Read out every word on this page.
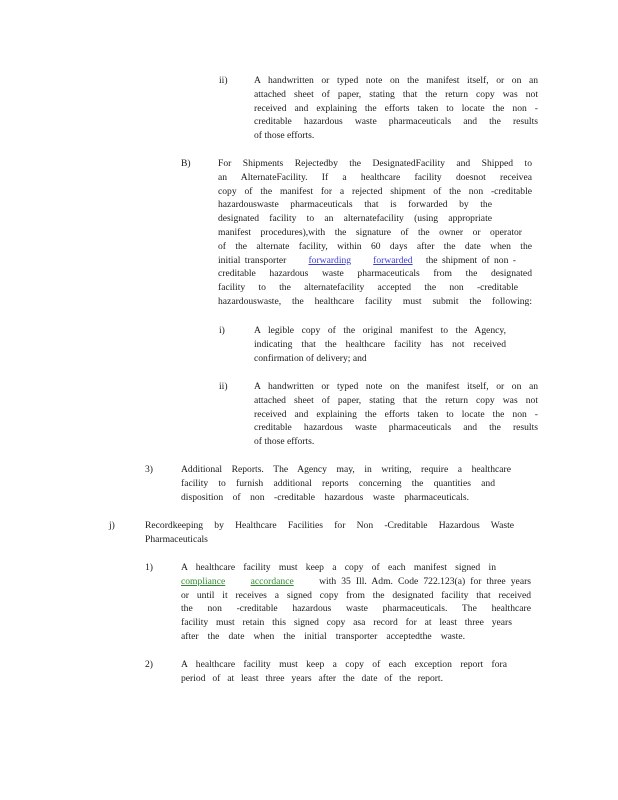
ii)	A handwritten or typed note on the manifest itself, or on an
attached sheet of paper, stating that the return copy was not
received and explaining the efforts taken to locate the non -
creditable hazardous waste pharmaceuticals and the results
of those efforts.
B)	For Shipments Rejectedby the DesignatedFacility and Shipped to
an AlternateFacility. If a healthcare facility doesnot receivea
copy of the manifest for a rejected shipment of the non -creditable
hazardouswaste pharmaceuticals that is forwarded by the
designated facility to an alternatefacility (using appropriate
manifest procedures),with the signature of the owner or operator
of the alternate facility, within 60 days after the date when the
initial transporter forwarding forwarded the shipment of non -
creditable hazardous waste pharmaceuticals from the designated
facility to the alternatefacility accepted the non -creditable
hazardouswaste, the healthcare facility must submit the following:
i)	A legible copy of the original manifest to the Agency,
indicating that the healthcare facility has not received
confirmation of delivery; and
ii)	A handwritten or typed note on the manifest itself, or on an
attached sheet of paper, stating that the return copy was not
received and explaining the efforts taken to locate the non -
creditable hazardous waste pharmaceuticals and the results
of those efforts.
3)	Additional Reports. The Agency may, in writing, require a healthcare
facility to furnish additional reports concerning the quantities and
disposition of non -creditable hazardous waste pharmaceuticals.
j)	Recordkeeping by Healthcare Facilities for Non -Creditable Hazardous Waste
Pharmaceuticals
1)	A healthcare facility must keep a copy of each manifest signed in
compliance	accordance	with 35 Ill. Adm. Code 722.123(a) for three years
or until it receives a signed copy from the designated facility that received
the non -creditable hazardous waste pharmaceuticals. The healthcare
facility must retain this signed copy asa record for at least three years
after the date when the initial transporter acceptedthe waste.
2)	A healthcare facility must keep a copy of each exception report fora
period of at least three years after the date of the report.
